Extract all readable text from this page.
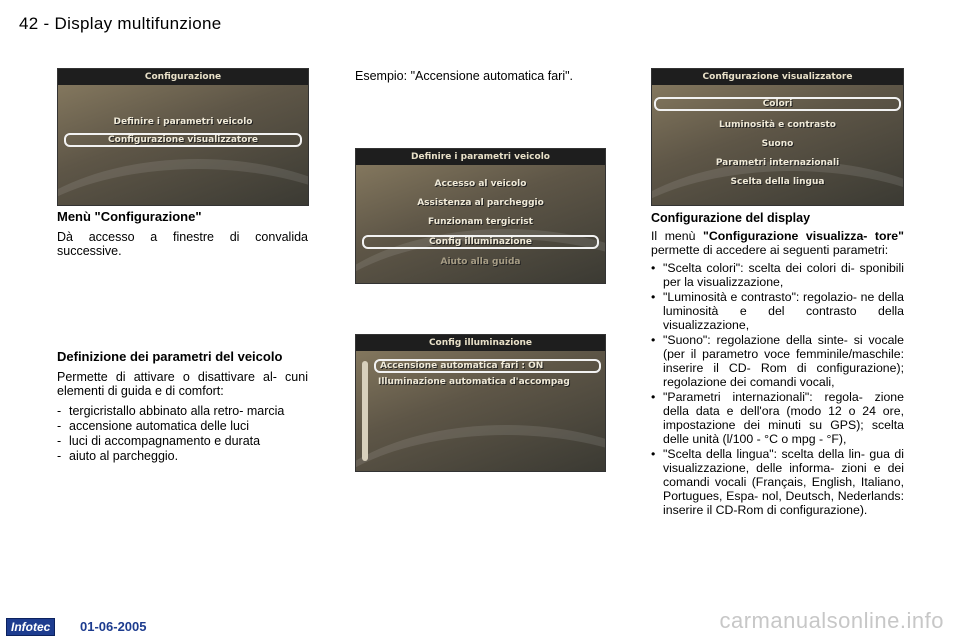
42 - Display multifunzione
Configurazione
Definire i parametri veicolo
Configurazione visualizzatore
Menù "Configurazione"

Dà accesso a finestre di convalida successive.

Definizione dei parametri del veicolo

Permette di attivare o disattivare al- cuni elementi di guida e di comfort:

- tergicristallo abbinato alla retro- marcia
- accensione automatica delle luci
- luci di accompagnamento e durata
- aiuto al parcheggio.

Esempio: "Accensione automatica fari".

Definire i parametri veicolo
Accesso al veicolo
Assistenza al parcheggio
Funzionam tergicrist
Config illuminazione
Aiuto alla guida
Config illuminazione
Accensione automatica fari : ON
Illuminazione automatica d'accompag
Configurazione visualizzatore
Colori
Luminosità e contrasto
Suono
Parametri internazionali
Scelta della lingua
Configurazione del display

Il menù "Configurazione visualizza- tore" permette di accedere ai seguenti parametri:

• "Scelta colori": scelta dei colori di- sponibili per la visualizzazione,
• "Luminosità e contrasto": regolazio- ne della luminosità e del contrasto della visualizzazione,
• "Suono": regolazione della sinte- si vocale (per il parametro voce femminile/maschile: inserire il CD- Rom di configurazione); regolazione dei comandi vocali,
• "Parametri internazionali": regola- zione della data e dell'ora (modo 12 o 24 ore, impostazione dei minuti su GPS); scelta delle unità (l/100 - °C o mpg - °F),
• "Scelta della lingua": scelta della lin- gua di visualizzazione, delle informa- zioni e dei comandi vocali (Français, English, Italiano, Portugues, Espa- nol, Deutsch, Nederlands: inserire il CD-Rom di configurazione).
Infotec	01-06-2005	carmanualsonline.info
